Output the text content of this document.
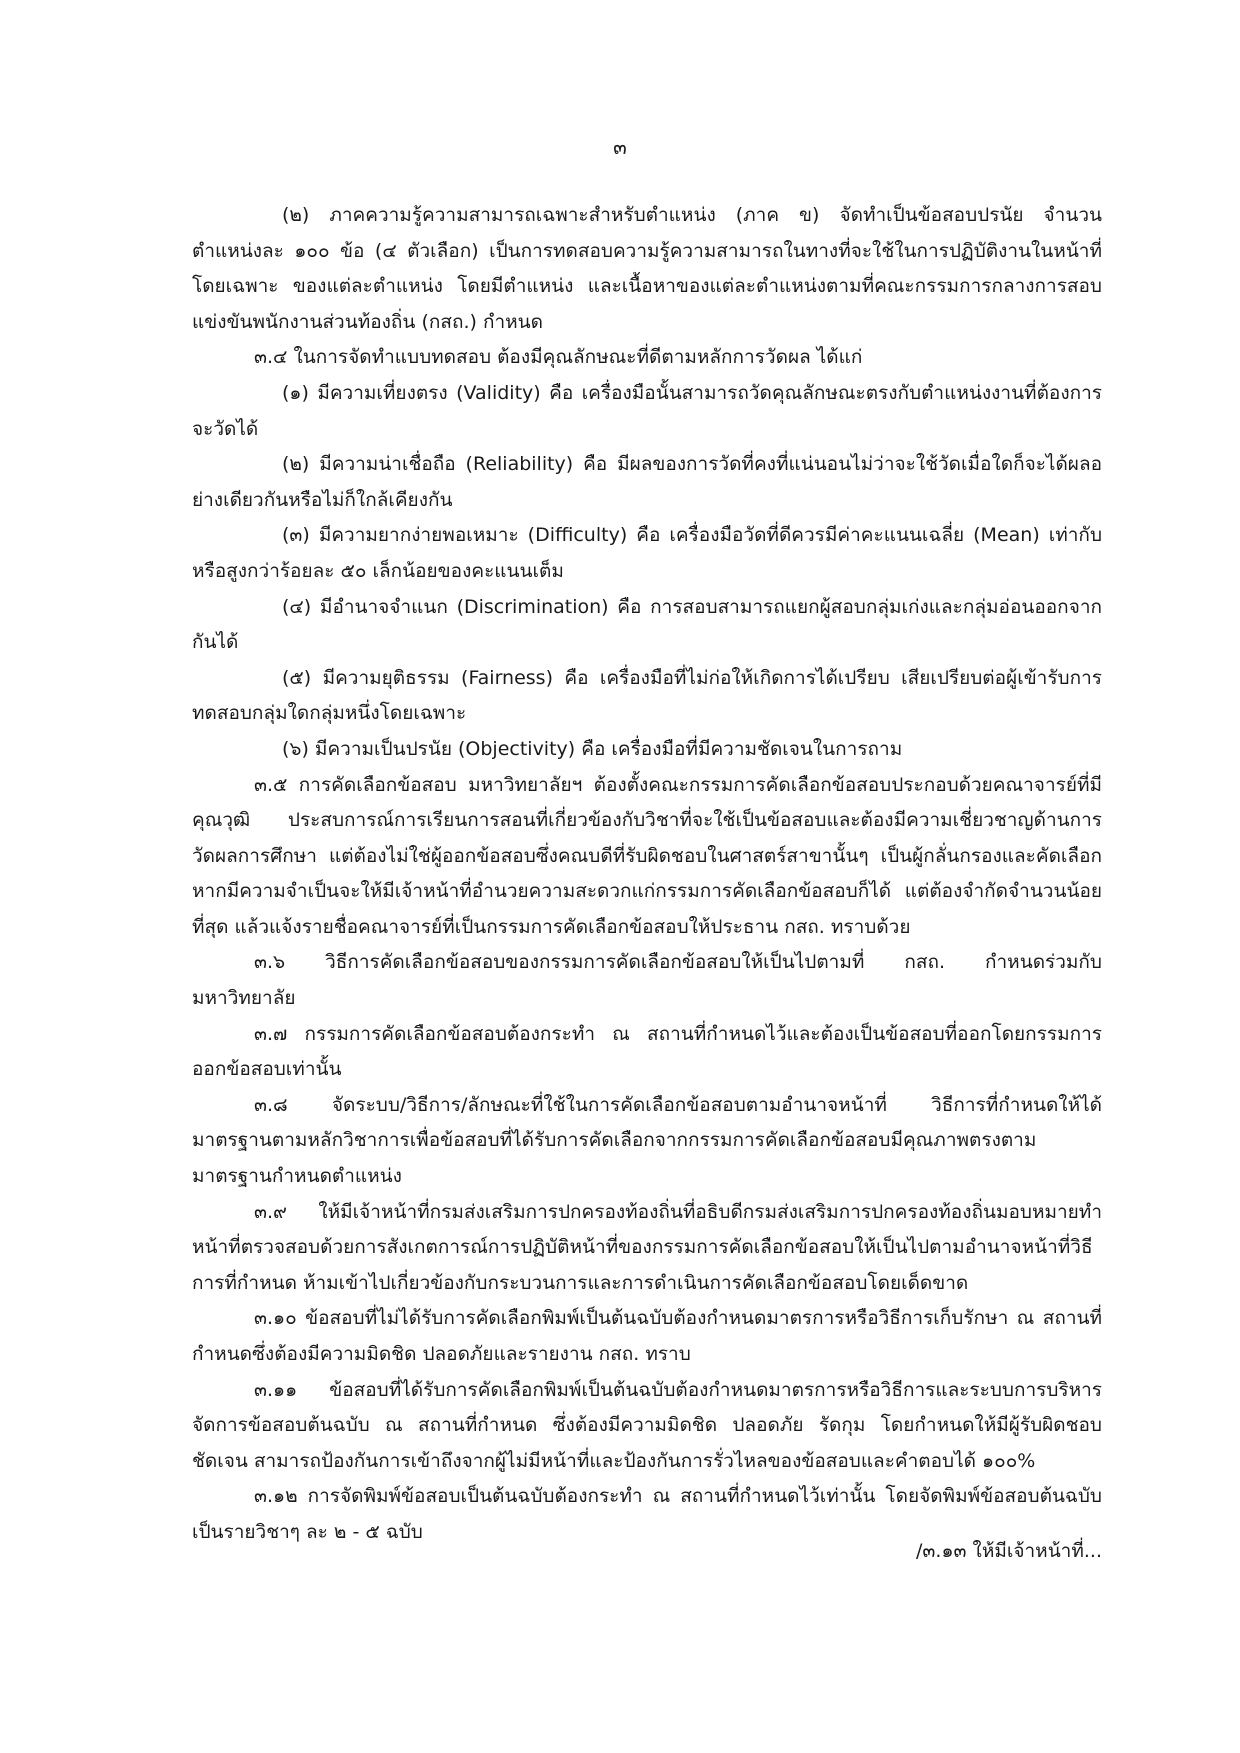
๓

(๒) ภาคความรู้ความสามารถเฉพาะสำหรับตำแหน่ง (ภาค ข) จัดทำเป็นข้อสอบปรนัย จำนวนตำแหน่งละ ๑๐๐ ข้อ (๔ ตัวเลือก) เป็นการทดสอบความรู้ความสามารถในทางที่จะใช้ในการปฏิบัติงานในหน้าที่โดยเฉพาะ ของแต่ละตำแหน่ง โดยมีตำแหน่ง และเนื้อหาของแต่ละตำแหน่งตามที่คณะกรรมการกลางการสอบแข่งขันพนักงานส่วนท้องถิ่น (กสถ.) กำหนด

๓.๔ ในการจัดทำแบบทดสอบ ต้องมีคุณลักษณะที่ดีตามหลักการวัดผล ได้แก่

(๑) มีความเที่ยงตรง (Validity) คือ เครื่องมือนั้นสามารถวัดคุณลักษณะตรงกับตำแหน่งงานที่ต้องการจะวัดได้

(๒) มีความน่าเชื่อถือ (Reliability) คือ มีผลของการวัดที่คงที่แน่นอนไม่ว่าจะใช้วัดเมื่อใดก็จะได้ผลอย่างเดียวกันหรือไม่ก็ใกล้เคียงกัน

(๓) มีความยากง่ายพอเหมาะ (Difficulty) คือ เครื่องมือวัดที่ดีควรมีค่าคะแนนเฉลี่ย (Mean) เท่ากับหรือสูงกว่าร้อยละ ๕๐ เล็กน้อยของคะแนนเต็ม

(๔) มีอำนาจจำแนก (Discrimination) คือ การสอบสามารถแยกผู้สอบกลุ่มเก่งและกลุ่มอ่อนออกจากกันได้

(๕) มีความยุติธรรม (Fairness) คือ เครื่องมือที่ไม่ก่อให้เกิดการได้เปรียบ เสียเปรียบต่อผู้เข้ารับการทดสอบกลุ่มใดกลุ่มหนึ่งโดยเฉพาะ

(๖) มีความเป็นปรนัย (Objectivity) คือ เครื่องมือที่มีความชัดเจนในการถาม

๓.๕ การคัดเลือกข้อสอบ มหาวิทยาลัยฯ ต้องตั้งคณะกรรมการคัดเลือกข้อสอบประกอบด้วยคณาจารย์ที่มีคุณวุฒิ ประสบการณ์การเรียนการสอนที่เกี่ยวข้องกับวิชาที่จะใช้เป็นข้อสอบและต้องมีความเชี่ยวชาญด้านการวัดผลการศึกษา แต่ต้องไม่ใช่ผู้ออกข้อสอบซึ่งคณบดีที่รับผิดชอบในศาสตร์สาขานั้นๆ เป็นผู้กลั่นกรองและคัดเลือก หากมีความจำเป็นจะให้มีเจ้าหน้าที่อำนวยความสะดวกแก่กรรมการคัดเลือกข้อสอบก็ได้ แต่ต้องจำกัดจำนวนน้อยที่สุด แล้วแจ้งรายชื่อคณาจารย์ที่เป็นกรรมการคัดเลือกข้อสอบให้ประธาน กสถ. ทราบด้วย

๓.๖ วิธีการคัดเลือกข้อสอบของกรรมการคัดเลือกข้อสอบให้เป็นไปตามที่ กสถ. กำหนดร่วมกับ มหาวิทยาลัย

๓.๗ กรรมการคัดเลือกข้อสอบต้องกระทำ ณ สถานที่กำหนดไว้และต้องเป็นข้อสอบที่ออกโดยกรรมการออกข้อสอบเท่านั้น

๓.๘ จัดระบบ/วิธีการ/ลักษณะที่ใช้ในการคัดเลือกข้อสอบตามอำนาจหน้าที่ วิธีการที่กำหนดให้ได้มาตรฐานตามหลักวิชาการเพื่อข้อสอบที่ได้รับการคัดเลือกจากกรรมการคัดเลือกข้อสอบมีคุณภาพตรงตามมาตรฐานกำหนดตำแหน่ง

๓.๙ ให้มีเจ้าหน้าที่กรมส่งเสริมการปกครองท้องถิ่นที่อธิบดีกรมส่งเสริมการปกครองท้องถิ่นมอบหมายทำหน้าที่ตรวจสอบด้วยการสังเกตการณ์การปฏิบัติหน้าที่ของกรรมการคัดเลือกข้อสอบให้เป็นไปตามอำนาจหน้าที่วิธีการที่กำหนด ห้ามเข้าไปเกี่ยวข้องกับกระบวนการและการดำเนินการคัดเลือกข้อสอบโดยเด็ดขาด

๓.๑๐ ข้อสอบที่ไม่ได้รับการคัดเลือกพิมพ์เป็นต้นฉบับต้องกำหนดมาตรการหรือวิธีการเก็บรักษา ณ สถานที่กำหนดซึ่งต้องมีความมิดชิด ปลอดภัยและรายงาน กสถ. ทราบ

๓.๑๑ ข้อสอบที่ได้รับการคัดเลือกพิมพ์เป็นต้นฉบับต้องกำหนดมาตรการหรือวิธีการและระบบการบริหารจัดการข้อสอบต้นฉบับ ณ สถานที่กำหนด ซึ่งต้องมีความมิดชิด ปลอดภัย รัดกุม โดยกำหนดให้มีผู้รับผิดชอบชัดเจน สามารถป้องกันการเข้าถึงจากผู้ไม่มีหน้าที่และป้องกันการรั่วไหลของข้อสอบและคำตอบได้ ๑๐๐%

๓.๑๒ การจัดพิมพ์ข้อสอบเป็นต้นฉบับต้องกระทำ ณ สถานที่กำหนดไว้เท่านั้น โดยจัดพิมพ์ข้อสอบต้นฉบับเป็นรายวิชาๆ ละ ๒ - ๕ ฉบับ

/๓.๑๓ ให้มีเจ้าหน้าที่...
